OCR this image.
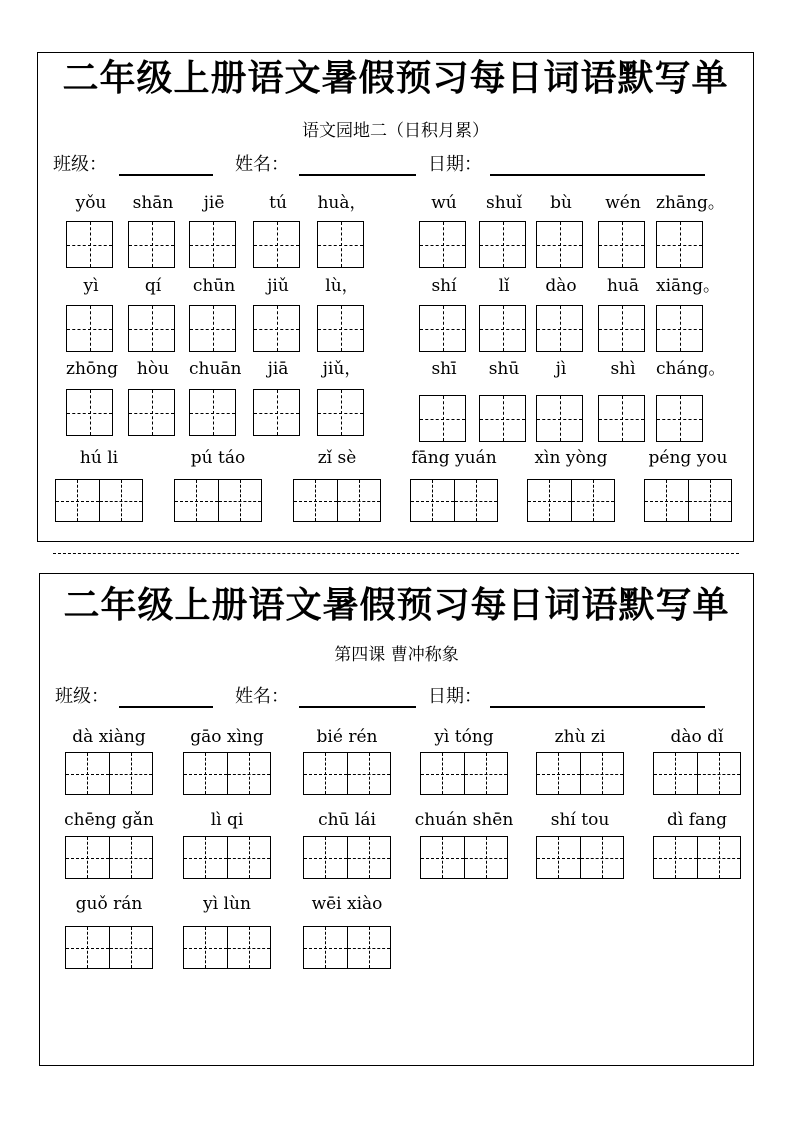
二年级上册语文暑假预习每日词语默写单
语文园地二（日积月累）
班级：	姓名：	日期：
yǒu	shān	jiē	tú	huà，	wú	shuǐ	bù	wén zhāng。
yì	qí	chūn	jiǔ	lù，	shí	lǐ	dào	huā xiāng。
zhōng	hòu	chuān	jiā	jiǔ，	shī	shū	jì	shì	cháng。
hú li	pú táo	zǐ sè	fāng yuán	xìn yòng	péng you
二年级上册语文暑假预习每日词语默写单
第四课 曹冲称象
班级：	姓名：	日期：
dà xiàng	gāo xìng	bié rén	yì tóng	zhù zi	dào dǐ
chēng gǎn	lì qi	chū lái	chuán shēn	shí tou	dì fang
guǒ rán	yì lùn	wēi xiào
